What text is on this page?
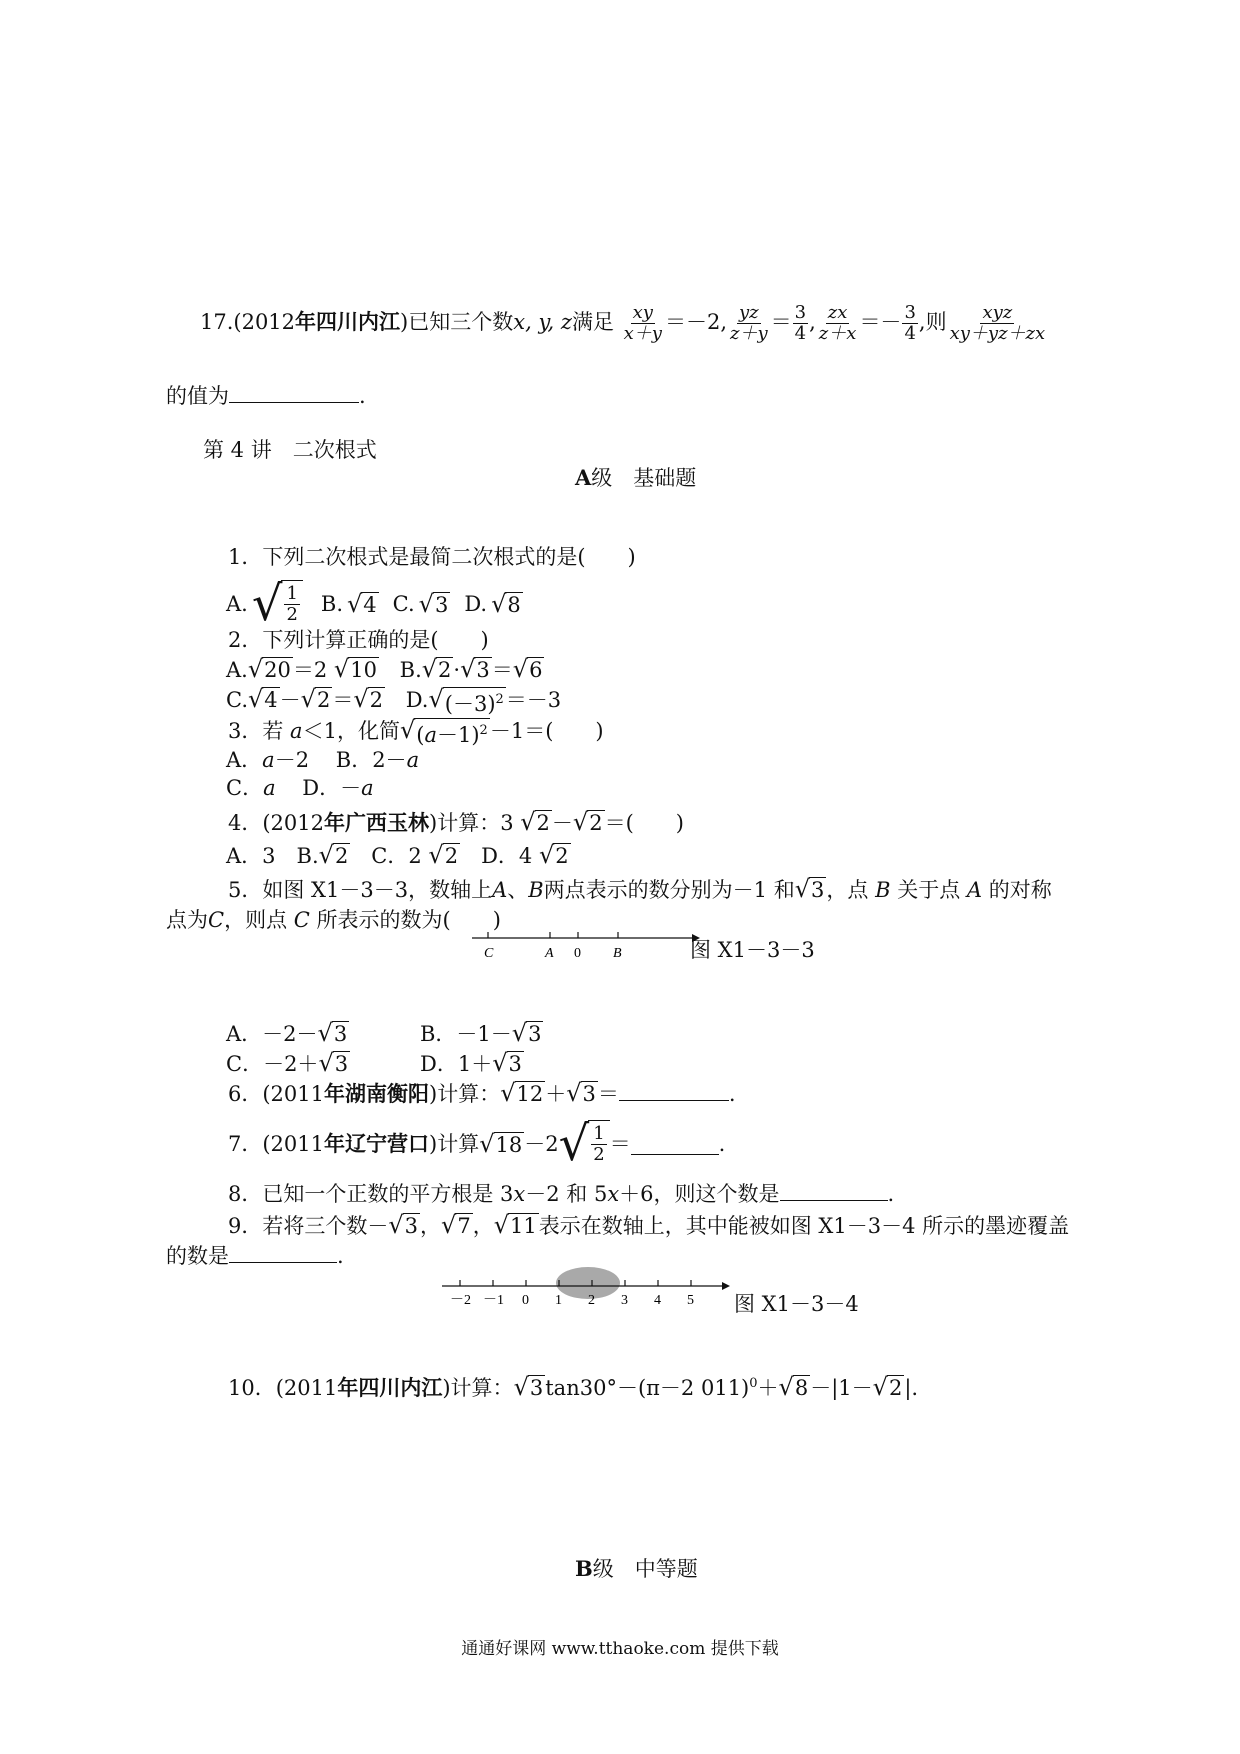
17.(2012年四川内江)已知三个数x, y, z满足 $\frac{xy}{x+y} =-2$, $\frac{yz}{z+y} = \frac{3}{4}$ , $\frac{zx}{z+x} =- \frac{3}{4}$ ,则 $\frac{\text{xyz}}{xy+yz+zx}$
的值为	.
第 4 讲　二次根式
A级　基础题
1．下列二次根式是最简二次根式的是(　　)
A. √ $\frac{1}{2} B$. √ 4 C. √ 3 D. √ 8
2．下列计算正确的是(　　)
A. √ 20 ＝2 √ 10 B. √ 2 · √ 3 ＝ √ 6
C. √ 4 － √ 2 ＝ √ 2 D. √ $(-3)^2 =-3$
3．若 a＜1，化简 √ $(a-1)^2 -1=$(　　)
A．a－2 B．2－a
C．a D．－a
4．(2012年广西玉林)计算：3 √ 2 － √ 2 ＝(　　)
A．3　B. √ 2 　C．2 √ 2 　D．4 √ 2
5．如图 X1－3－3，数轴上A、B两点表示的数分别为－1 和 √ 3 ，点 B 关于点 A 的对称
点为C，则点 C 所表示的数为(　　)
C	A 0 B	图 X1－3－3
A．－2－ √ 3	B．－1－ √ 3
C．－2＋ √ 3	D．1＋ √ 3
6．(2011年湖南衡阳)计算： √ 12 ＋ √ 3 ＝	.
7．(2011 年辽宁营口 )计算 √ 18 －2 √ $\frac{1}{2}$ ＝	.
8．已知一个正数的平方根是 3x－2 和 5x＋6，则这个数是	.
9．若将三个数－ √ 3 ， √ 7 ， √ 11 表示在数轴上，其中能被如图 X1－3－4 所示的墨迹覆盖
的数是	.
－2 －1 0 1 2 3 4 5 图 X1－3－4
10．(2011年四川内江)计算： √ 3 tan30°－(π－2 011)$^0$＋ √ 8 －|1－ √ 2 |.
B级　中等题
通通好课网 www.tthaoke.com 提供下载
